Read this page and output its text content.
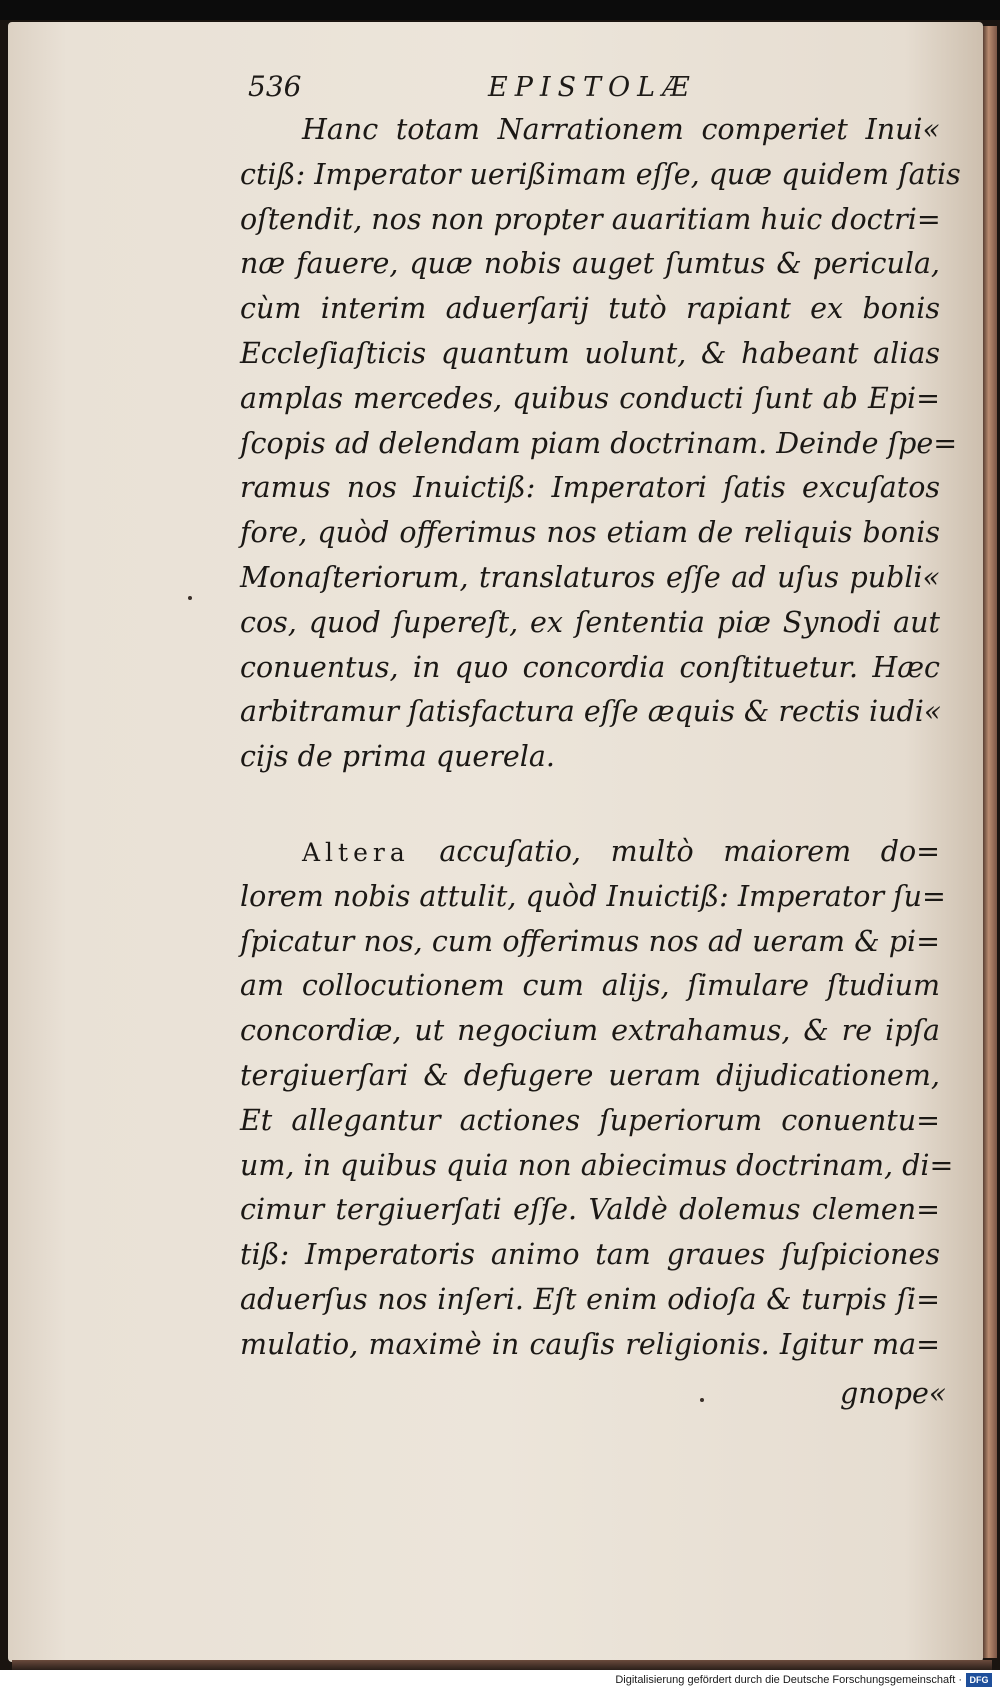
536	EPISTOLÆ
Hanc totam Narrationem comperiet Inui«
ctiß: Imperator uerißimam eſſe, quæ quidem ſatis
oſtendit, nos non propter auaritiam huic doctri=
næ fauere, quæ nobis auget ſumtus & pericula,
cùm interim aduerſarij tutò rapiant ex bonis
Eccleſiaſticis quantum uolunt, & habeant alias
amplas mercedes, quibus conducti ſunt ab Epi=
ſcopis ad delendam piam doctrinam. Deinde ſpe=
ramus nos Inuictiß: Imperatori ſatis excuſatos
fore, quòd offerimus nos etiam de reliquis bonis
Monaſteriorum, translaturos eſſe ad uſus publi«
cos, quod ſupereſt, ex ſententia piæ Synodi aut
conuentus, in quo concordia conſtituetur. Hæc
arbitramur ſatisfactura eſſe æquis & rectis iudi«
cijs de prima querela.
Altera accuſatio, multò maiorem do=
lorem nobis attulit, quòd Inuictiß: Imperator ſu=
ſpicatur nos, cum offerimus nos ad ueram & pi=
am collocutionem cum alijs, ſimulare ſtudium
concordiæ, ut negocium extrahamus, & re ipſa
tergiuerſari & defugere ueram dijudicationem,
Et allegantur actiones ſuperiorum conuentu=
um, in quibus quia non abiecimus doctrinam, di=
cimur tergiuerſati eſſe. Valdè dolemus clemen=
tiß: Imperatoris animo tam graues ſuſpiciones
aduerſus nos inſeri. Eſt enim odioſa & turpis ſi=
mulatio, maximè in cauſis religionis. Igitur ma=
gnope«
Digitalisierung gefördert durch die Deutsche Forschungsgemeinschaft · DFG
